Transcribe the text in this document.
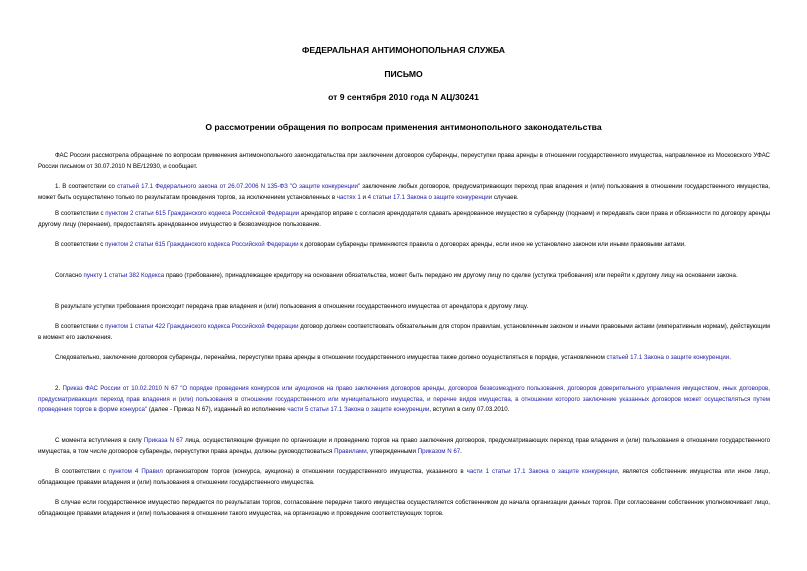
ФЕДЕРАЛЬНАЯ АНТИМОНОПОЛЬНАЯ СЛУЖБА
ПИСЬМО
от 9 сентября 2010 года N АЦ/30241
О рассмотрении обращения по вопросам применения антимонопольного законодательства

ФАС России рассмотрела обращение по вопросам применения антимонопольного законодательства при заключении договоров субаренды, переуступки права аренды в отношении государственного имущества, направленное из Московского УФАС России письмом от 30.07.2010 N ВЕ/12930, и сообщает.

1. В соответствии со статьей 17.1 Федерального закона от 26.07.2006 N 135-ФЗ "О защите конкуренции" заключение любых договоров, предусматривающих переход прав владения и (или) пользования в отношении государственного имущества, может быть осуществлено только по результатам проведения торгов, за исключением установленных в частях 1 и 4 статьи 17.1 Закона о защите конкуренции случаев.

В соответствии с пунктом 2 статьи 615 Гражданского кодекса Российской Федерации арендатор вправе с согласия арендодателя сдавать арендованное имущество в субаренду (поднаем) и передавать свои права и обязанности по договору аренды другому лицу (перенаем), предоставлять арендованное имущество в безвозмездное пользование.

В соответствии с пунктом 2 статьи 615 Гражданского кодекса Российской Федерации к договорам субаренды применяются правила о договорах аренды, если иное не установлено законом или иными правовыми актами.

Согласно пункту 1 статьи 382 Кодекса право (требование), принадлежащее кредитору на основании обязательства, может быть передано им другому лицу по сделке (уступка требования) или перейти к другому лицу на основании закона.

В результате уступки требования происходит передача прав владения и (или) пользования в отношении государственного имущества от арендатора к другому лицу.

В соответствии с пунктом 1 статьи 422 Гражданского кодекса Российской Федерации договор должен соответствовать обязательным для сторон правилам, установленным законом и иными правовыми актами (императивным нормам), действующим в момент его заключения.

Следовательно, заключение договоров субаренды, перенайма, переуступки права аренды в отношении государственного имущества также должно осуществляться в порядке, установленном статьей 17.1 Закона о защите конкуренции.

2. Приказ ФАС России от 10.02.2010 N 67 "О порядке проведения конкурсов или аукционов на право заключения договоров аренды, договоров безвозмездного пользования, договоров доверительного управления имуществом, иных договоров, предусматривающих переход прав владения и (или) пользования в отношении государственного или муниципального имущества, и перечне видов имущества, в отношении которого заключение указанных договоров может осуществляться путем проведения торгов в форме конкурса" (далее - Приказ N 67), изданный во исполнение части 5 статьи 17.1 Закона о защите конкуренции, вступил в силу 07.03.2010.

С момента вступления в силу Приказа N 67 лица, осуществляющие функции по организации и проведению торгов на право заключения договоров, предусматривающих переход прав владения и (или) пользования в отношении государственного имущества, в том числе договоров субаренды, переуступки права аренды, должны руководствоваться Правилами, утвержденными Приказом N 67.

В соответствии с пунктом 4 Правил организатором торгов (конкурса, аукциона) в отношении государственного имущества, указанного в части 1 статьи 17.1 Закона о защите конкуренции, является собственник имущества или иное лицо, обладающее правами владения и (или) пользования в отношении государственного имущества.

В случае если государственное имущество передается по результатам торгов, согласование передачи такого имущества осуществляется собственником до начала организации данных торгов. При согласовании собственник уполномочивает лицо, обладающее правами владения и (или) пользования в отношении такого имущества, на организацию и проведение соответствующих торгов.
